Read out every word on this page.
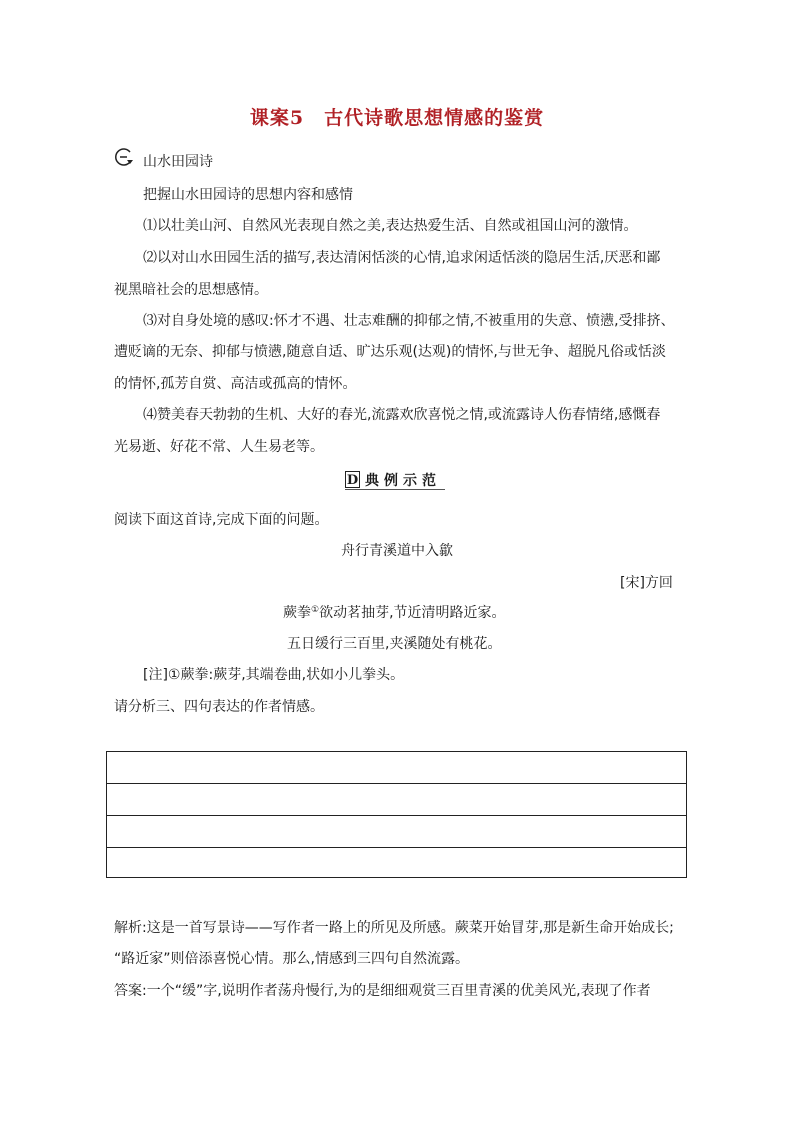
课案5　古代诗歌思想情感的鉴赏
山水田园诗
把握山水田园诗的思想内容和感情
⑴以壮美山河、自然风光表现自然之美,表达热爱生活、自然或祖国山河的激情。
⑵以对山水田园生活的描写,表达清闲恬淡的心情,追求闲适恬淡的隐居生活,厌恶和鄙
视黑暗社会的思想感情。
⑶对自身处境的感叹:怀才不遇、壮志难酬的抑郁之情,不被重用的失意、愤懑,受排挤、
遭贬谪的无奈、抑郁与愤懑,随意自适、旷达乐观(达观)的情怀,与世无争、超脱凡俗或恬淡
的情怀,孤芳自赏、高洁或孤高的情怀。
⑷赞美春天勃勃的生机、大好的春光,流露欢欣喜悦之情,或流露诗人伤春情绪,感慨春
光易逝、好花不常、人生易老等。
D 典例示范
阅读下面这首诗,完成下面的问题。
舟行青溪道中入歙
[宋]方回
蕨拳①欲动茗抽芽,节近清明路近家。
五日缓行三百里,夹溪随处有桃花。
[注]①蕨拳:蕨芽,其端卷曲,状如小儿拳头。
请分析三、四句表达的作者情感。
解析:这是一首写景诗——写作者一路上的所见及所感。蕨菜开始冒芽,那是新生命开始成长;
“路近家”则倍添喜悦心情。那么,情感到三四句自然流露。
答案:一个“缓”字,说明作者荡舟慢行,为的是细细观赏三百里青溪的优美风光,表现了作者
